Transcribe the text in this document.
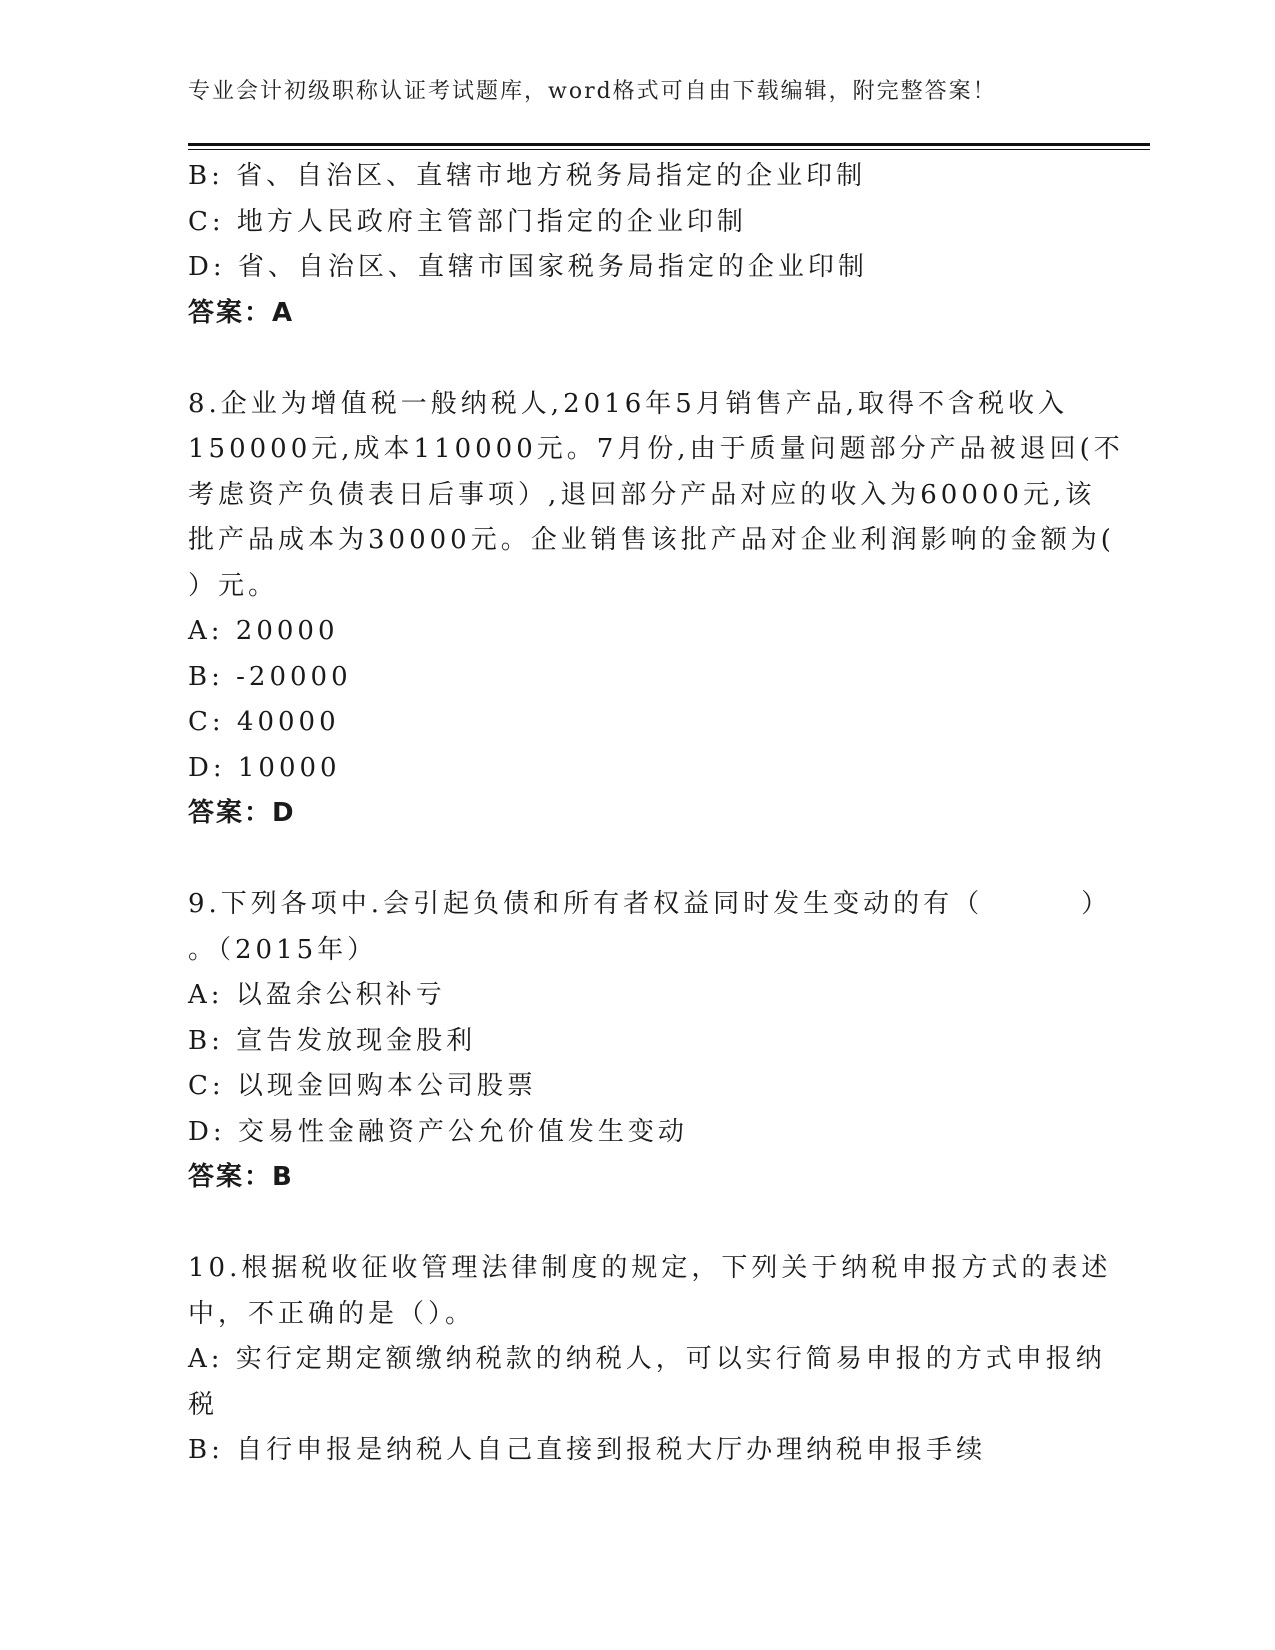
专业会计初级职称认证考试题库，word格式可自由下载编辑，附完整答案！
B: 省、自治区、直辖市地方税务局指定的企业印制
C: 地方人民政府主管部门指定的企业印制
D: 省、自治区、直辖市国家税务局指定的企业印制
答案：A
8.企业为增值税一般纳税人,2016年5月销售产品,取得不含税收入
150000元,成本110000元。7月份,由于质量问题部分产品被退回(不
考虑资产负债表日后事项）,退回部分产品对应的收入为60000元,该
批产品成本为30000元。企业销售该批产品对企业利润影响的金额为(
）元。
A: 20000
B: -20000
C: 40000
D: 10000
答案：D
9.下列各项中.会引起负债和所有者权益同时发生变动的有（        ）
。（2015年）
A: 以盈余公积补亏
B: 宣告发放现金股利
C: 以现金回购本公司股票
D: 交易性金融资产公允价值发生变动
答案：B
10.根据税收征收管理法律制度的规定，下列关于纳税申报方式的表述
中，不正确的是（）。
A: 实行定期定额缴纳税款的纳税人，可以实行简易申报的方式申报纳
税
B: 自行申报是纳税人自己直接到报税大厅办理纳税申报手续
